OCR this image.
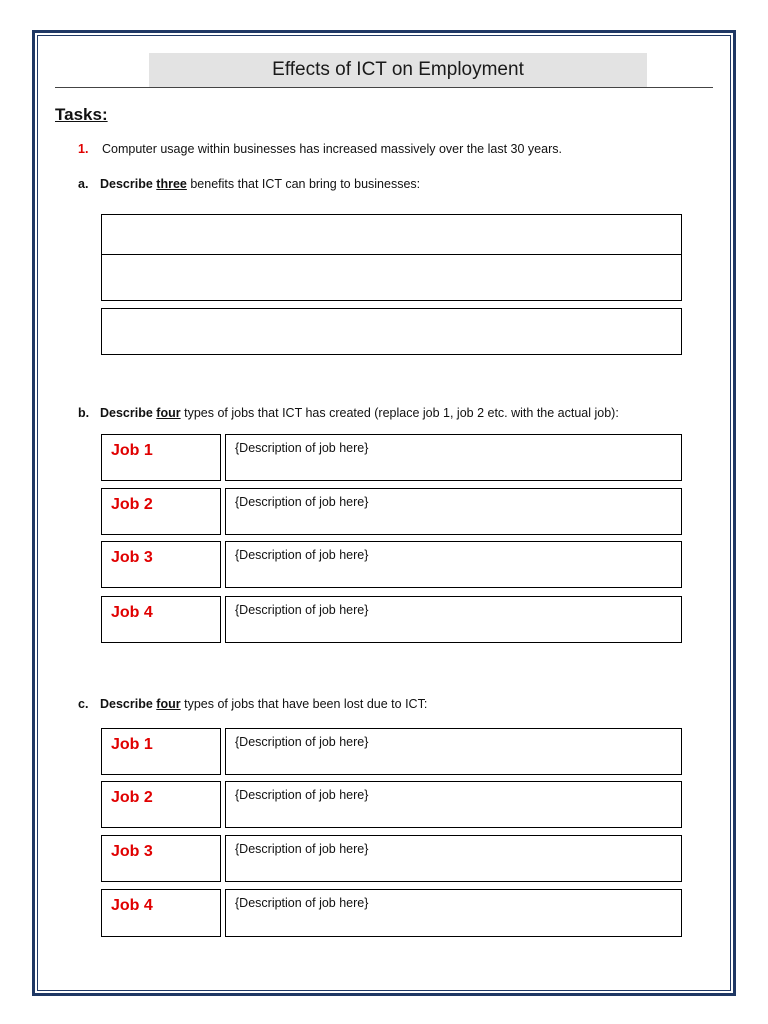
Effects of ICT on Employment
Tasks:
1. Computer usage within businesses has increased massively over the last 30 years.
a. Describe three benefits that ICT can bring to businesses:
b. Describe four types of jobs that ICT has created (replace job 1, job 2 etc. with the actual job):
Job 1	{Description of job here}
Job 2	{Description of job here}
Job 3	{Description of job here}
Job 4	{Description of job here}
c. Describe four types of jobs that have been lost due to ICT:
Job 1	{Description of job here}
Job 2	{Description of job here}
Job 3	{Description of job here}
Job 4	{Description of job here}
